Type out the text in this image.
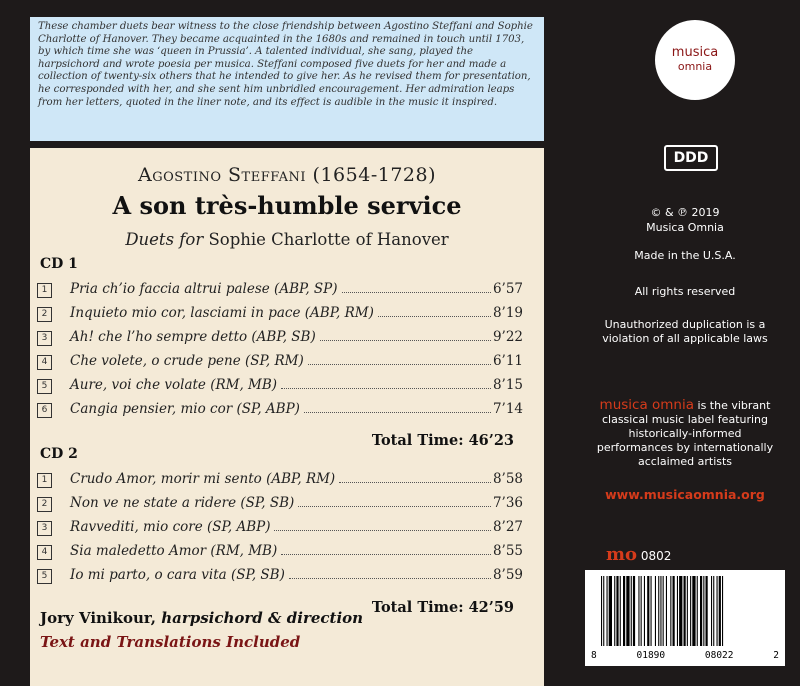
These chamber duets bear witness to the close friendship between Agostino Steffani and Sophie Charlotte of Hanover. They became acquainted in the 1680s and remained in touch until 1703, by which time she was ‘queen in Prussia’. A talented individual, she sang, played the harpsichord and wrote poesia per musica. Steffani composed five duets for her and made a collection of twenty-six others that he intended to give her. As he revised them for presentation, he corresponded with her, and she sent him unbridled encouragement. Her admiration leaps from her letters, quoted in the liner note, and its effect is audible in the music it inspired.

Agostino Steffani (1654-1728)
A son très-humble service
Duets for Sophie Charlotte of Hanover
CD 1
1	Pria ch’io faccia altrui palese (ABP, SP)	6’57
2	Inquieto mio cor, lasciami in pace (ABP, RM)	8’19
3	Ah! che l’ho sempre detto (ABP, SB)	9’22
4	Che volete, o crude pene (SP, RM)	6’11
5	Aure, voi che volate (RM, MB)	8’15
6	Cangia pensier, mio cor (SP, ABP)	7’14
Total Time: 46’23
CD 2
1	Crudo Amor, morir mi sento (ABP, RM)	8’58
2	Non ve ne state a ridere (SP, SB)	7’36
3	Ravvediti, mio core (SP, ABP)	8’27
4	Sia maledetto Amor (RM, MB)	8’55
5	Io mi parto, o cara vita (SP, SB)	8’59
Total Time: 42’59
Jory Vinikour, harpsichord & direction
Text and Translations Included
musica
omnia
DDD
© & ℗ 2019
Musica Omnia
Made in the U.S.A.
All rights reserved
Unauthorized duplication is a violation of all applicable laws
musica omnia is the vibrant classical music label featuring historically-informed performances by internationally acclaimed artists
www.musicaomnia.org
mo 0802
8	01890	08022	2
